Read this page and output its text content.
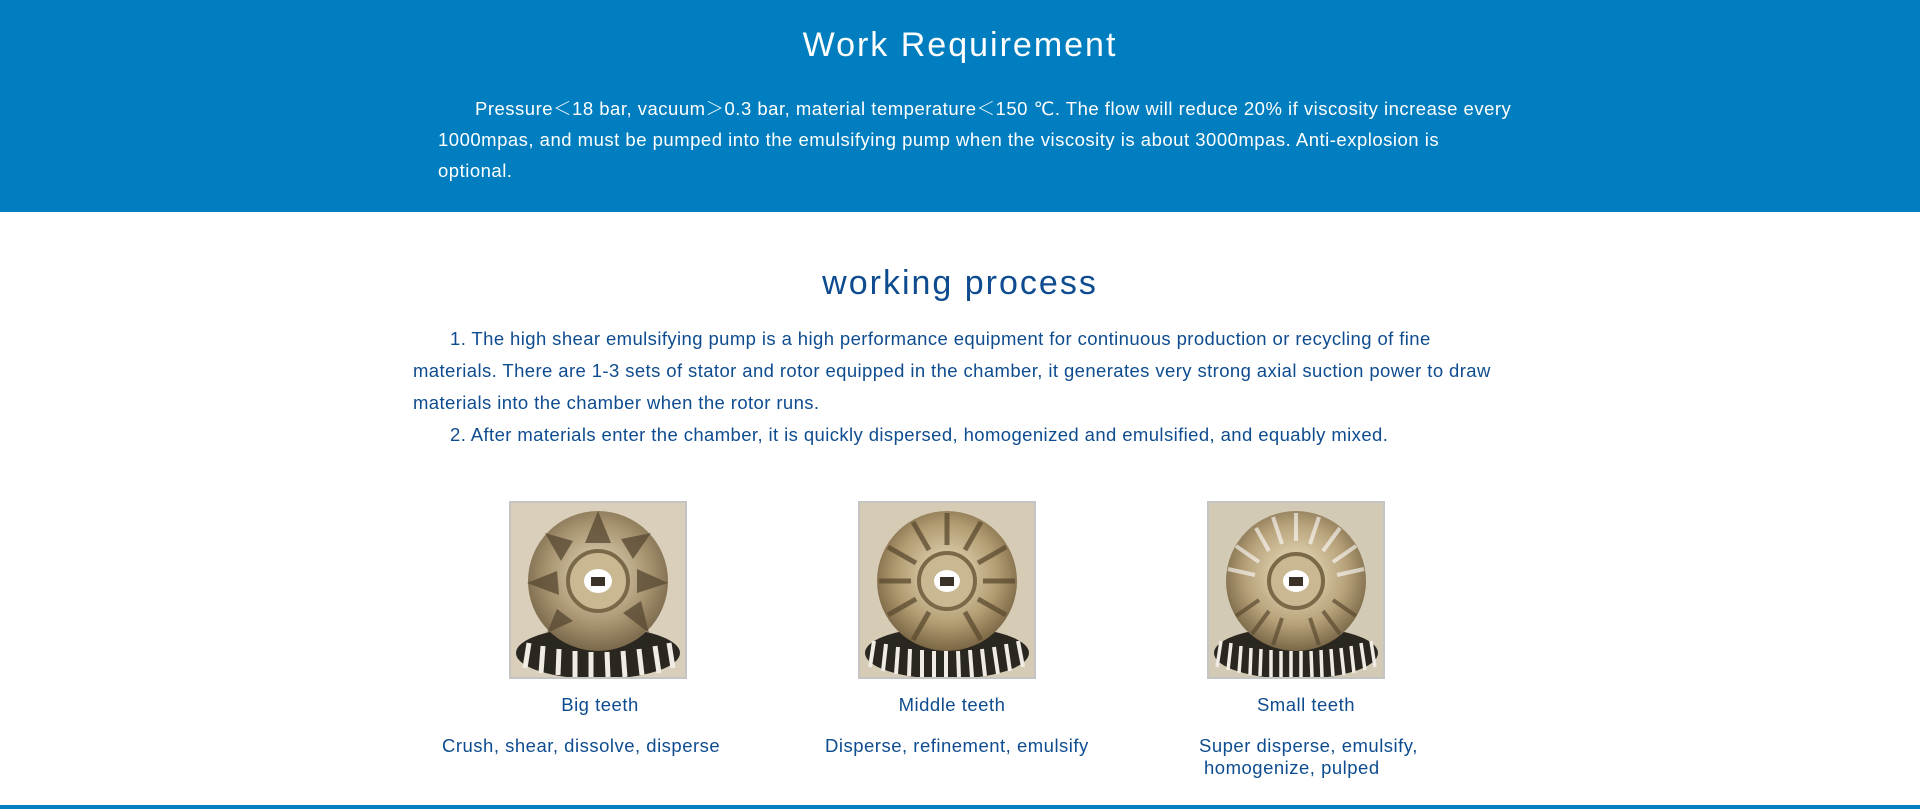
Work Requirement

Pressure＜18 bar, vacuum＞0.3 bar, material temperature＜150 ℃. The flow will reduce 20% if viscosity increase every 1000mpas, and must be pumped into the emulsifying pump when the viscosity is about 3000mpas. Anti-explosion is optional.

working process

1. The high shear emulsifying pump is a high performance equipment for continuous production or recycling of fine materials. There are 1-3 sets of stator and rotor equipped in the chamber, it generates very strong axial suction power to draw materials into the chamber when the rotor runs.

2. After materials enter the chamber, it is quickly dispersed, homogenized and emulsified, and equably mixed.

Big teeth
Crush, shear, dissolve, disperse
Middle teeth
Disperse, refinement, emulsify
Small teeth
Super disperse, emulsify,
homogenize, pulped
